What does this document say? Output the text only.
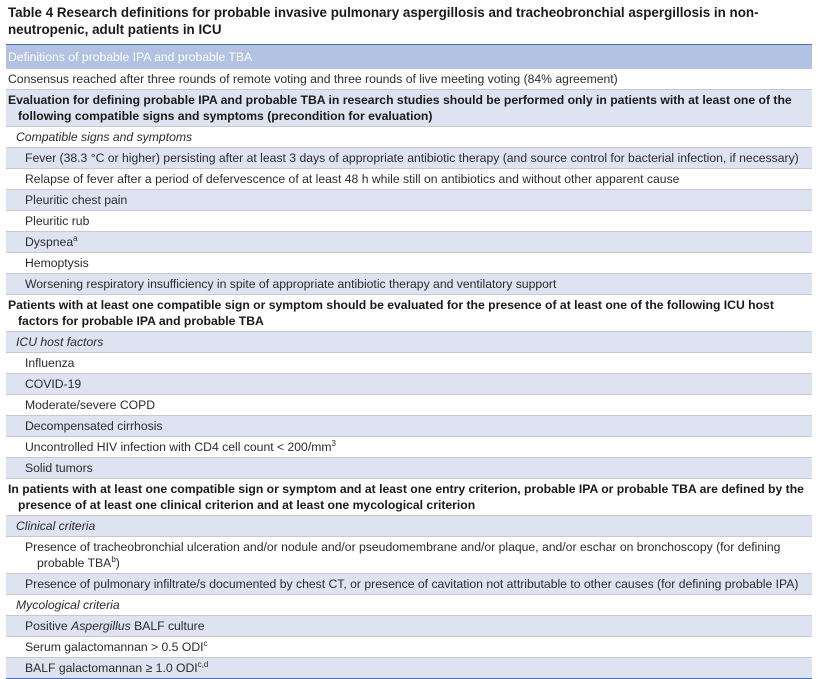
Table 4 Research definitions for probable invasive pulmonary aspergillosis and tracheobronchial aspergillosis in non-neutropenic, adult patients in ICU
Definitions of probable IPA and probable TBA
Consensus reached after three rounds of remote voting and three rounds of live meeting voting (84% agreement)
Evaluation for defining probable IPA and probable TBA in research studies should be performed only in patients with at least one of the following compatible signs and symptoms (precondition for evaluation)
Compatible signs and symptoms
Fever (38.3 °C or higher) persisting after at least 3 days of appropriate antibiotic therapy (and source control for bacterial infection, if necessary)
Relapse of fever after a period of defervescence of at least 48 h while still on antibiotics and without other apparent cause
Pleuritic chest pain
Pleuritic rub
Dyspnea$^a$
Hemoptysis
Worsening respiratory insufficiency in spite of appropriate antibiotic therapy and ventilatory support
Patients with at least one compatible sign or symptom should be evaluated for the presence of at least one of the following ICU host factors for probable IPA and probable TBA
ICU host factors
Influenza
COVID-19
Moderate/severe COPD
Decompensated cirrhosis
Uncontrolled HIV infection with CD4 cell count < $200/mm^3$
Solid tumors
In patients with at least one compatible sign or symptom and at least one entry criterion, probable IPA or probable TBA are defined by the presence of at least one clinical criterion and at least one mycological criterion
Clinical criteria
Presence of tracheobronchial ulceration and/or nodule and/or pseudomembrane and/or plaque, and/or eschar on bronchoscopy (for defining probable TBA$^b$)
Presence of pulmonary infiltrate/s documented by chest CT, or presence of cavitation not attributable to other causes (for defining probable IPA)
Mycological criteria
Positive Aspergillus BALF culture
Serum galactomannan > 0.5 ODI$^c$
BALF galactomannan ≥ 1.0 ODI$^{c,d}$
